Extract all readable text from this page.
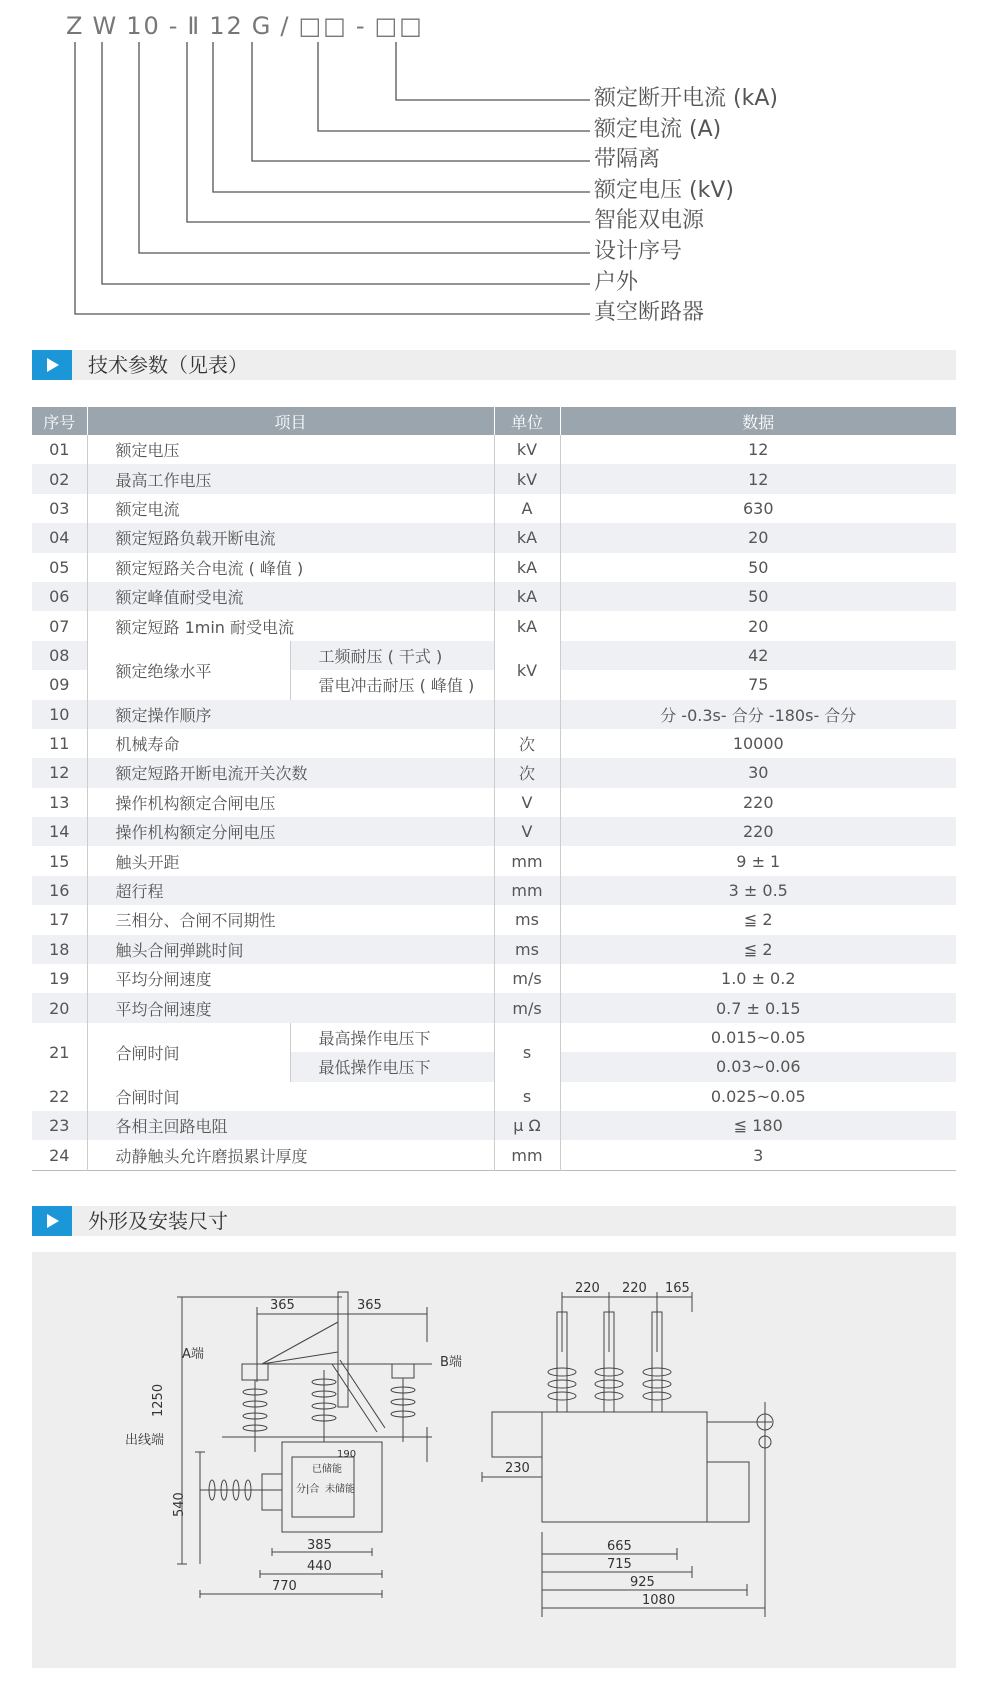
Z W 10 - Ⅱ 12 G / □□ - □□
额定断开电流 (kA)
额定电流 (A)
带隔离
额定电压 (kV)
智能双电源
设计序号
户外
真空断路器
技术参数（见表）
序号	项目		单位	数据
01	额定电压		kV	12
02	最高工作电压		kV	12
03	额定电流		A	630
04	额定短路负载开断电流		kA	20
05	额定短路关合电流 ( 峰值 )		kA	50
06	额定峰值耐受电流		kA	50
07	额定短路 1min 耐受电流		kA	20
08	额定绝缘水平	工频耐压 ( 干式 )	kV	42
09		雷电冲击耐压 ( 峰值 )		75
10	额定操作顺序			分 -0.3s- 合分 -180s- 合分
11	机械寿命		次	10000
12	额定短路开断电流开关次数		次	30
13	操作机构额定合闸电压		V	220
14	操作机构额定分闸电压		V	220
15	触头开距		mm	9 ± 1
16	超行程		mm	3 ± 0.5
17	三相分、合闸不同期性		ms	≦ 2
18	触头合闸弹跳时间		ms	≦ 2
19	平均分闸速度		m/s	1.0 ± 0.2
20	平均合闸速度		m/s	0.7 ± 0.15
21	合闸时间	最高操作电压下	s	0.015~0.05
		最低操作电压下		0.03~0.06
22	合闸时间		s	0.025~0.05
23	各相主回路电阻		μ Ω	≦ 180
24	动静触头允许磨损累计厚度		mm	3
外形及安装尺寸
365	365
1250
540
190
385
440
770
A端
B端
出线端
已储能
分|合 未储能
220 220 165
230
665
715
925
1080
